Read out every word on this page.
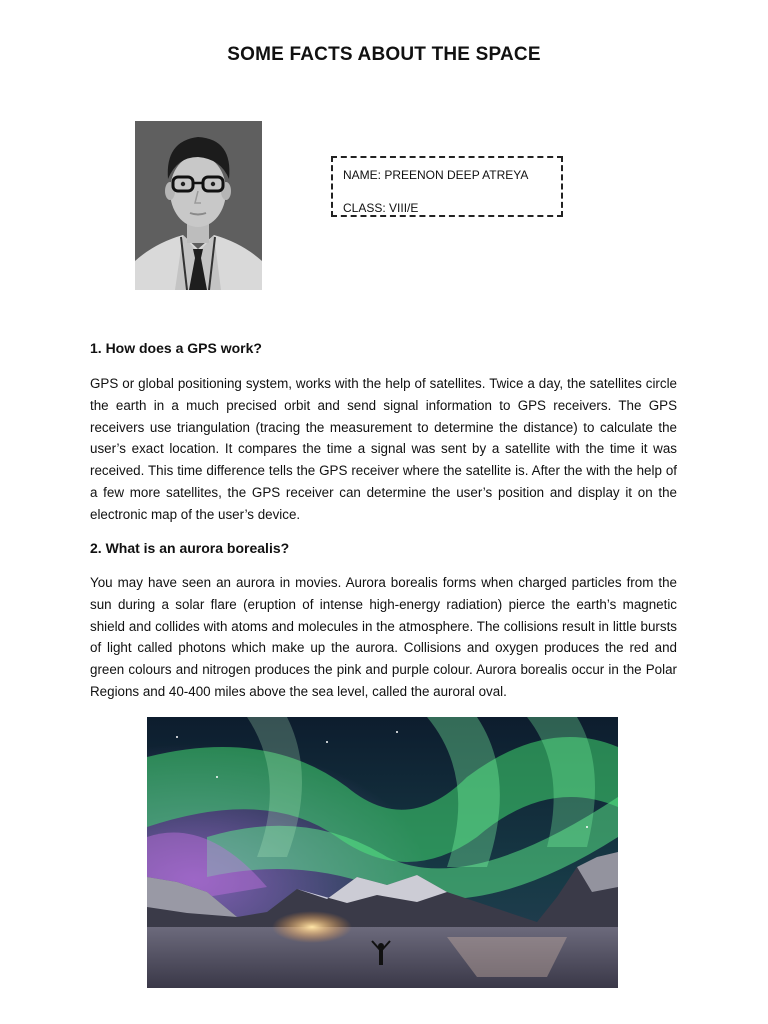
SOME FACTS ABOUT THE SPACE
NAME: PREENON DEEP ATREYA
CLASS: VIII/E
1. How does a GPS work?
GPS or global positioning system, works with the help of satellites. Twice a day, the satellites circle the earth in a much precised orbit and send signal information to GPS receivers. The GPS receivers use triangulation (tracing the measurement to determine the distance) to calculate the user’s exact location. It compares the time a signal was sent by a satellite with the time it was received. This time difference tells the GPS receiver where the satellite is. After the with the help of a few more satellites, the GPS receiver can determine the user’s position and display it on the electronic map of the user’s device.
2. What is an aurora borealis?
You may have seen an aurora in movies. Aurora borealis forms when charged particles from the sun during a solar flare (eruption of intense high-energy radiation) pierce the earth’s magnetic shield and collides with atoms and molecules in the atmosphere. The collisions result in little bursts of light called photons which make up the aurora. Collisions and oxygen produces the red and green colours and nitrogen produces the pink and purple colour. Aurora borealis occur in the Polar Regions and 40-400 miles above the sea level, called the auroral oval.
